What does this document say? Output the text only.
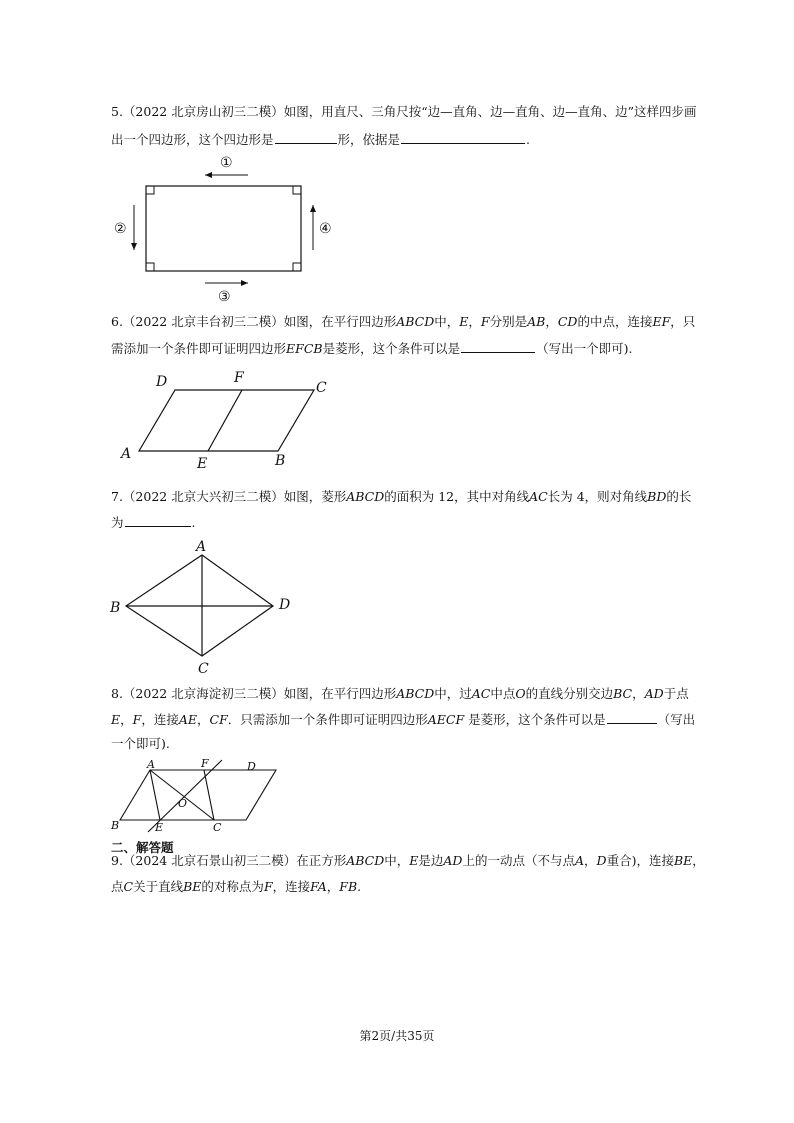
5.（2022 北京房山初三二模）如图，用直尺、三角尺按“边—直角、边—直角、边—直角、边”这样四步画
出一个四边形，这个四边形是	形，依据是	.
①
②
③
④
6.（2022 北京丰台初三二模）如图，在平行四边形ABCD中，E，F分别是AB，CD的中点，连接EF，只
需添加一个条件即可证明四边形EFCB是菱形，这个条件可以是	（写出一个即可).
A
D	F
C
E	B
7.（2022 北京大兴初三二模）如图，菱形ABCD的面积为 12，其中对角线AC长为 4，则对角线BD的长
为	.
A
B	D
C
8.（2022 北京海淀初三二模）如图，在平行四边形ABCD中，过AC中点O的直线分别交边BC，AD于点
E，F，连接AE，CF．只需添加一个条件即可证明四边形AECF 是菱形，这个条件可以是	（写出
一个即可).
A	F	D
O
B	E	C
二、解答题
9.（2024 北京石景山初三二模）在正方形ABCD中，E是边AD上的一动点（不与点A，D重合)，连接BE，
点C关于直线BE的对称点为F，连接FA，FB.
第2页/共35页
